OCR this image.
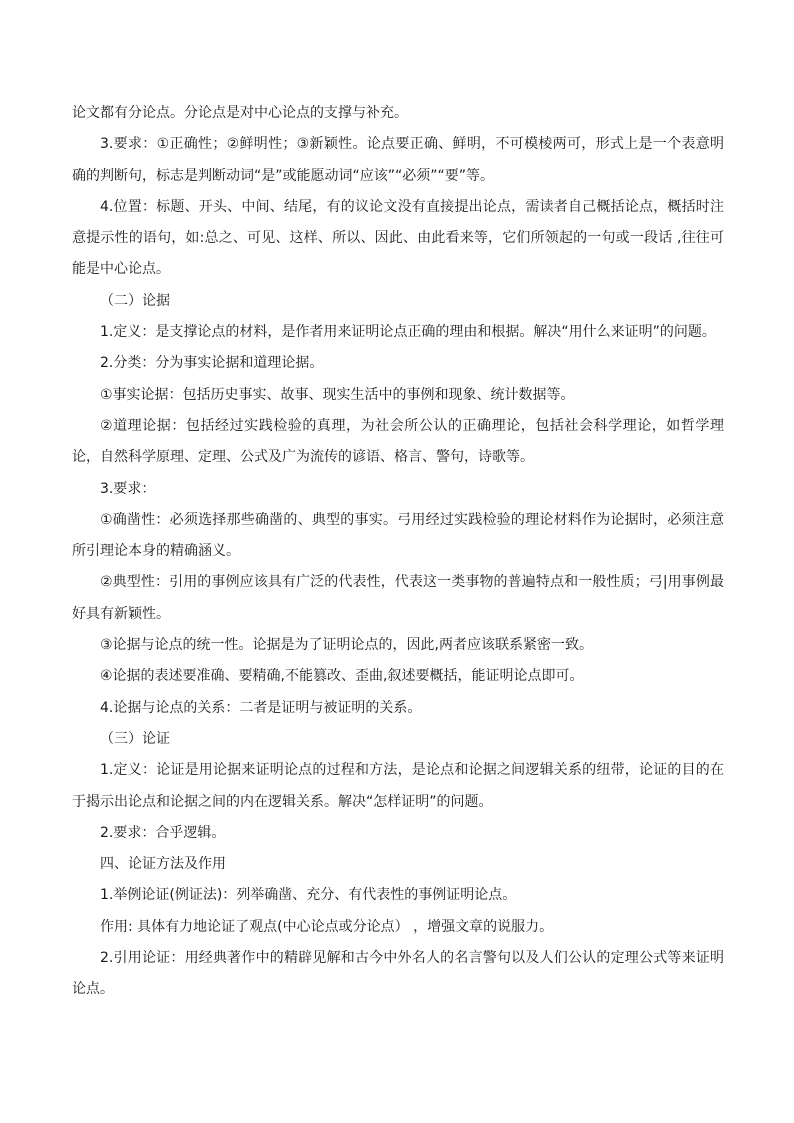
论文都有分论点。分论点是对中心论点的支撑与补充。

3.要求：①正确性；②鲜明性；③新颖性。论点要正确、鲜明，不可模棱两可，形式上是一个表意明确的判断句，标志是判断动词“是”或能愿动词“应该”“必须”“要”等。

4.位置：标题、开头、中间、结尾，有的议论文没有直接提出论点，需读者自己概括论点，概括时注意提示性的语句，如:总之、可见、这样、所以、因此、由此看来等，它们所领起的一句或一段话 ,往往可能是中心论点。

（二）论据

1.定义：是支撑论点的材料，是作者用来证明论点正确的理由和根据。解决“用什么来证明”的问题。

2.分类：分为事实论据和道理论据。

①事实论据：包括历史事实、故事、现实生活中的事例和现象、统计数据等。

②道理论据：包括经过实践检验的真理，为社会所公认的正确理论，包括社会科学理论，如哲学理论，自然科学原理、定理、公式及广为流传的谚语、格言、警句，诗歌等。

3.要求：

①确凿性：必须选择那些确凿的、典型的事实。弓用经过实践检验的理论材料作为论据时，必须注意所引理论本身的精确涵义。

②典型性：引用的事例应该具有广泛的代表性，代表这一类事物的普遍特点和一般性质；弓|用事例最好具有新颖性。

③论据与论点的统一性。论据是为了证明论点的，因此,两者应该联系紧密一致。

④论据的表述要准确、要精确,不能篡改、歪曲,叙述要概括，能证明论点即可。

4.论据与论点的关系：二者是证明与被证明的关系。

（三）论证

1.定义：论证是用论据来证明论点的过程和方法，是论点和论据之间逻辑关系的纽带，论证的目的在于揭示出论点和论据之间的内在逻辑关系。解决“怎样证明”的问题。

2.要求：合乎逻辑。

四、论证方法及作用

1.举例论证(例证法)：列举确凿、充分、有代表性的事例证明论点。

作用: 具体有力地论证了观点(中心论点或分论点） ，增强文章的说服力。

2.引用论证：用经典著作中的精辟见解和古今中外名人的名言警句以及人们公认的定理公式等来证明论点。
